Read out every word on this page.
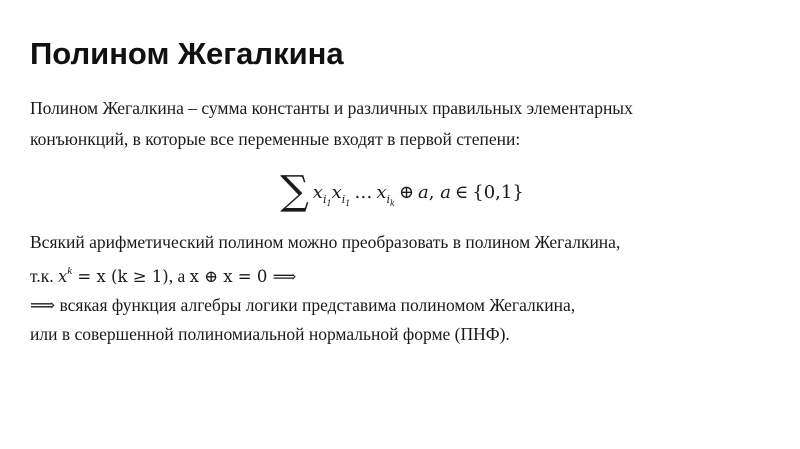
Полином Жегалкина
Полином Жегалкина – сумма константы и различных правильных элементарных
конъюнкций, в которые все переменные входят в первой степени:
∑ $x_{i_1}x_{i_1}\dots$ $x_{i_k}\oplus$ a, a ∈ {0,1}
Всякий арифметический полином можно преобразовать в полином Жегалкина,
т.к. $x^k = x$ (k ≥ 1), а x ⊕ x = 0 ⟹
⟹ всякая функция алгебры логики представима полиномом Жегалкина,
или в совершенной полиномиальной нормальной форме (ПНФ).
